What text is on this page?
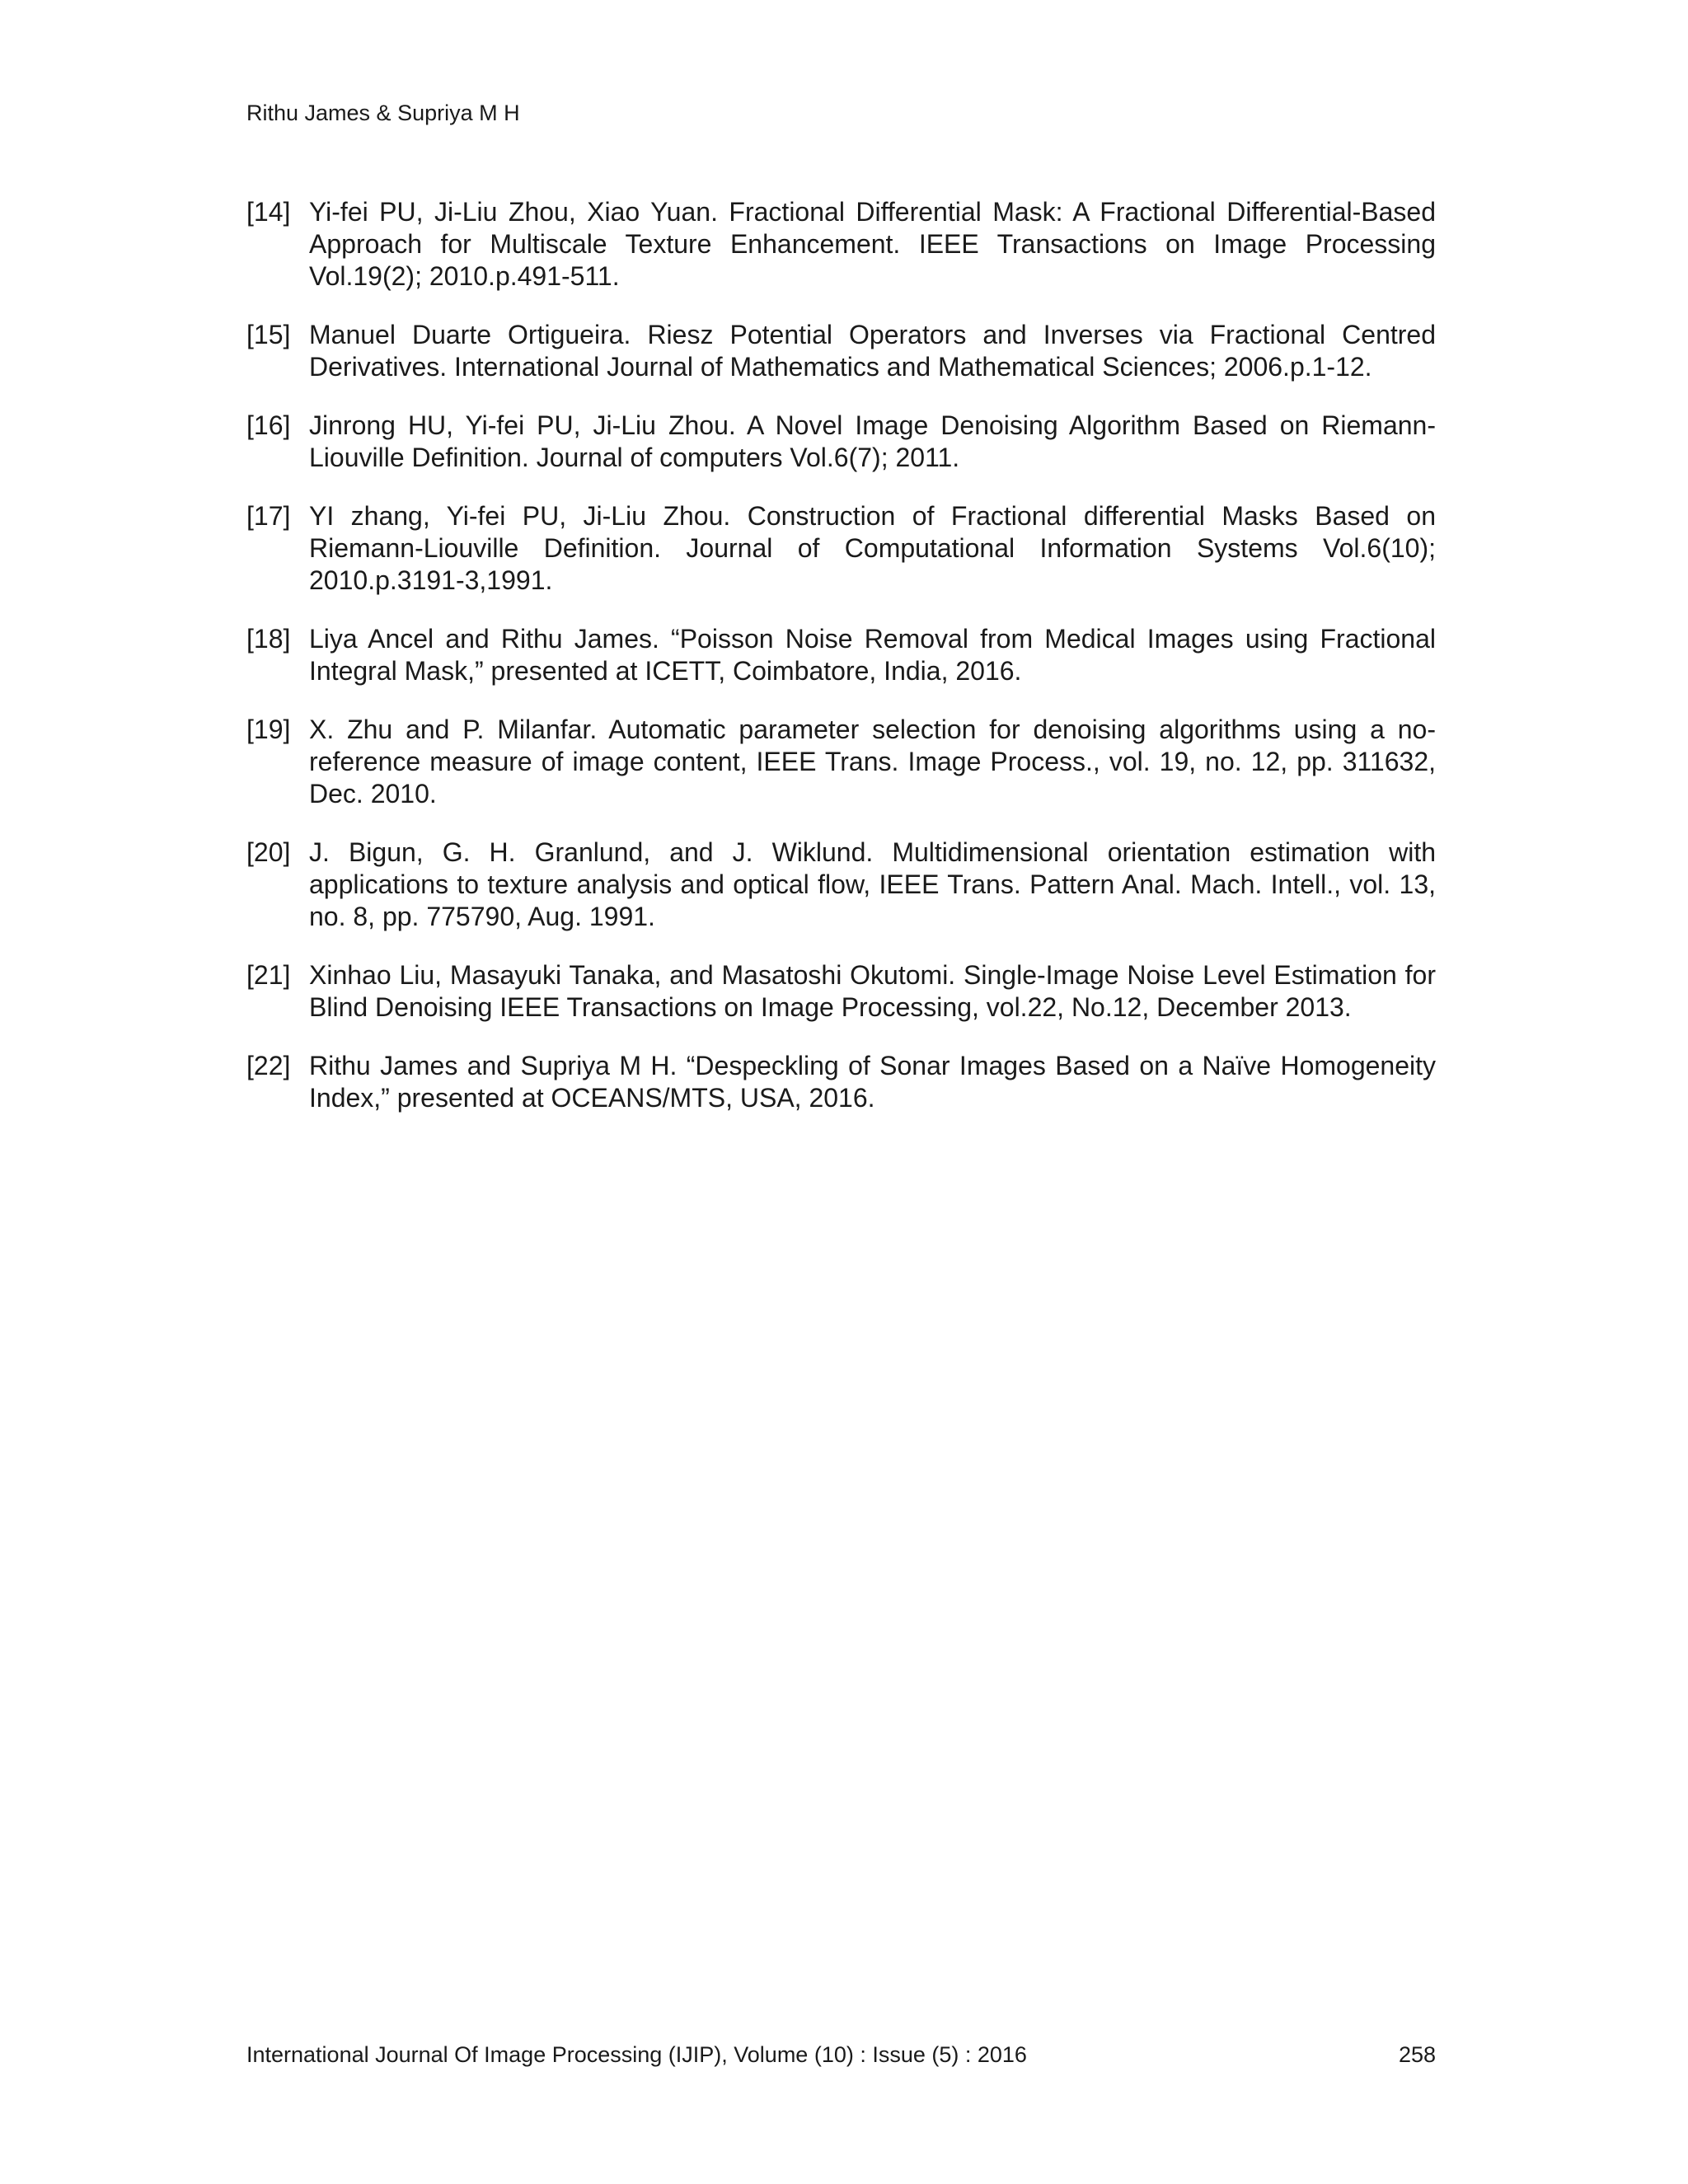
Rithu James & Supriya M H
[14] Yi-fei PU, Ji-Liu Zhou, Xiao Yuan. Fractional Differential Mask: A Fractional Differential-Based Approach for Multiscale Texture Enhancement. IEEE Transactions on Image Processing Vol.19(2); 2010.p.491-511.
[15] Manuel Duarte Ortigueira. Riesz Potential Operators and Inverses via Fractional Centred Derivatives. International Journal of Mathematics and Mathematical Sciences; 2006.p.1-12.
[16] Jinrong HU, Yi-fei PU, Ji-Liu Zhou. A Novel Image Denoising Algorithm Based on Riemann-Liouville Definition. Journal of computers Vol.6(7); 2011.
[17] YI zhang, Yi-fei PU, Ji-Liu Zhou. Construction of Fractional differential Masks Based on Riemann-Liouville Definition. Journal of Computational Information Systems Vol.6(10); 2010.p.3191-3,1991.
[18] Liya Ancel and Rithu James. “Poisson Noise Removal from Medical Images using Fractional Integral Mask,” presented at ICETT, Coimbatore, India, 2016.
[19] X. Zhu and P. Milanfar. Automatic parameter selection for denoising algorithms using a no-reference measure of image content, IEEE Trans. Image Process., vol. 19, no. 12, pp. 311632, Dec. 2010.
[20] J. Bigun, G. H. Granlund, and J. Wiklund. Multidimensional orientation estimation with applications to texture analysis and optical flow, IEEE Trans. Pattern Anal. Mach. Intell., vol. 13, no. 8, pp. 775790, Aug. 1991.
[21] Xinhao Liu, Masayuki Tanaka, and Masatoshi Okutomi. Single-Image Noise Level Estimation for Blind Denoising IEEE Transactions on Image Processing, vol.22, No.12, December 2013.
[22] Rithu James and Supriya M H. “Despeckling of Sonar Images Based on a Naïve Homogeneity Index,” presented at OCEANS/MTS, USA, 2016.
International Journal Of Image Processing (IJIP), Volume (10) : Issue (5) : 2016	258
